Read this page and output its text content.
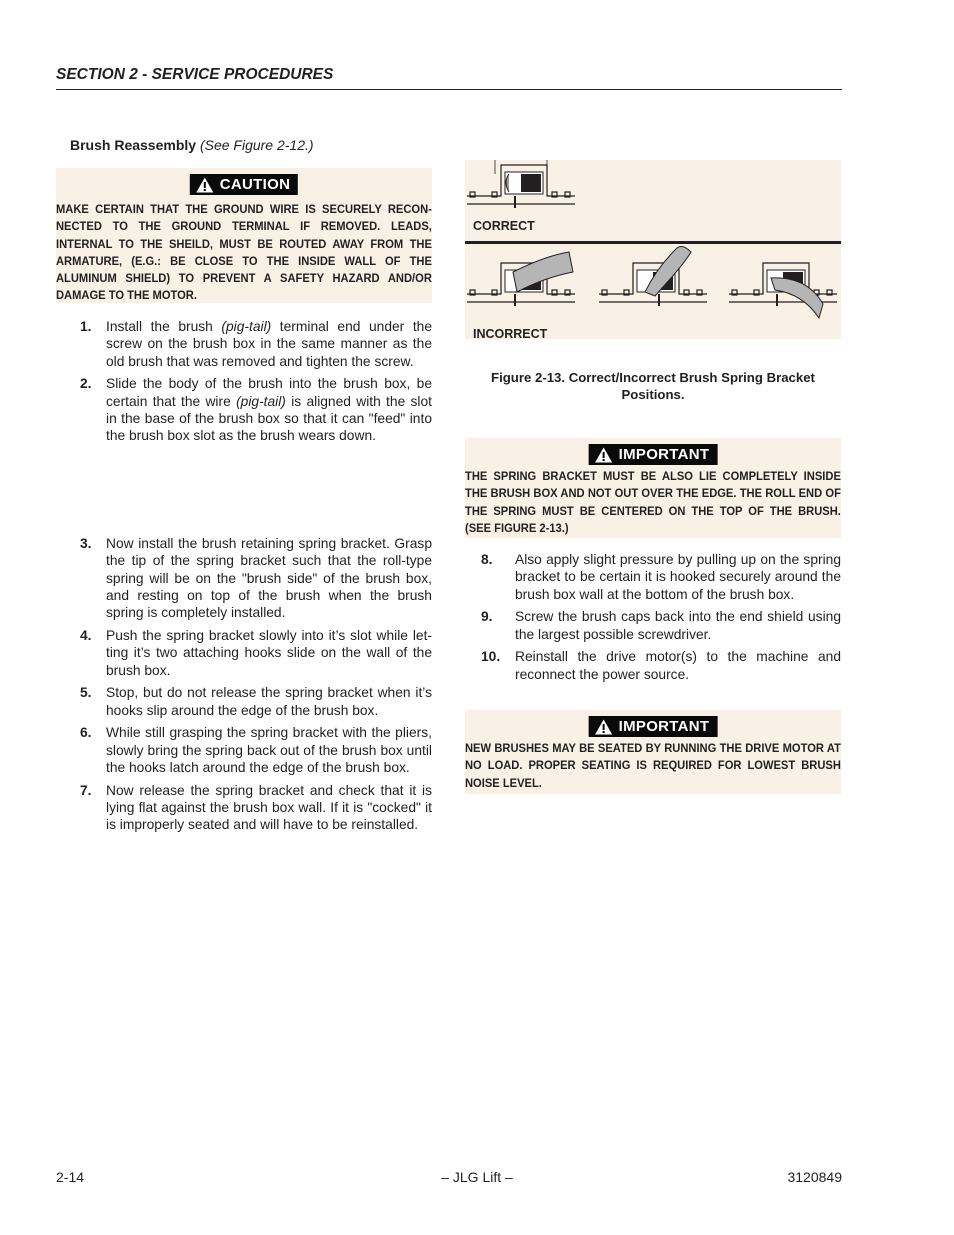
SECTION 2 - SERVICE PROCEDURES
Brush Reassembly (See Figure 2-12.)
CAUTION
MAKE CERTAIN THAT THE GROUND WIRE IS SECURELY RECON-NECTED TO THE GROUND TERMINAL IF REMOVED. LEADS, INTERNAL TO THE SHEILD, MUST BE ROUTED AWAY FROM THE ARMATURE, (E.G.: BE CLOSE TO THE INSIDE WALL OF THE ALUMINUM SHIELD) TO PREVENT A SAFETY HAZARD AND/OR DAMAGE TO THE MOTOR.
1. Install the brush (pig-tail) terminal end under the screw on the brush box in the same manner as the old brush that was removed and tighten the screw.
2. Slide the body of the brush into the brush box, be certain that the wire (pig-tail) is aligned with the slot in the base of the brush box so that it can "feed" into the brush box slot as the brush wears down.
3. Now install the brush retaining spring bracket. Grasp the tip of the spring bracket such that the roll-type spring will be on the "brush side" of the brush box, and resting on top of the brush when the brush spring is completely installed.
4. Push the spring bracket slowly into it’s slot while let-ting it’s two attaching hooks slide on the wall of the brush box.
5. Stop, but do not release the spring bracket when it’s hooks slip around the edge of the brush box.
6. While still grasping the spring bracket with the pliers, slowly bring the spring back out of the brush box until the hooks latch around the edge of the brush box.
7. Now release the spring bracket and check that it is lying flat against the brush box wall. If it is "cocked" it is improperly seated and will have to be reinstalled.
CORRECT
INCORRECT
Figure 2-13. Correct/Incorrect Brush Spring Bracket Positions.
IMPORTANT
THE SPRING BRACKET MUST BE ALSO LIE COMPLETELY INSIDE THE BRUSH BOX AND NOT OUT OVER THE EDGE. THE ROLL END OF THE SPRING MUST BE CENTERED ON THE TOP OF THE BRUSH. (SEE FIGURE 2-13.)
8. Also apply slight pressure by pulling up on the spring bracket to be certain it is hooked securely around the brush box wall at the bottom of the brush box.
9. Screw the brush caps back into the end shield using the largest possible screwdriver.
10. Reinstall the drive motor(s) to the machine and reconnect the power source.
IMPORTANT
NEW BRUSHES MAY BE SEATED BY RUNNING THE DRIVE MOTOR AT NO LOAD. PROPER SEATING IS REQUIRED FOR LOWEST BRUSH NOISE LEVEL.
2-14	– JLG Lift –	3120849
